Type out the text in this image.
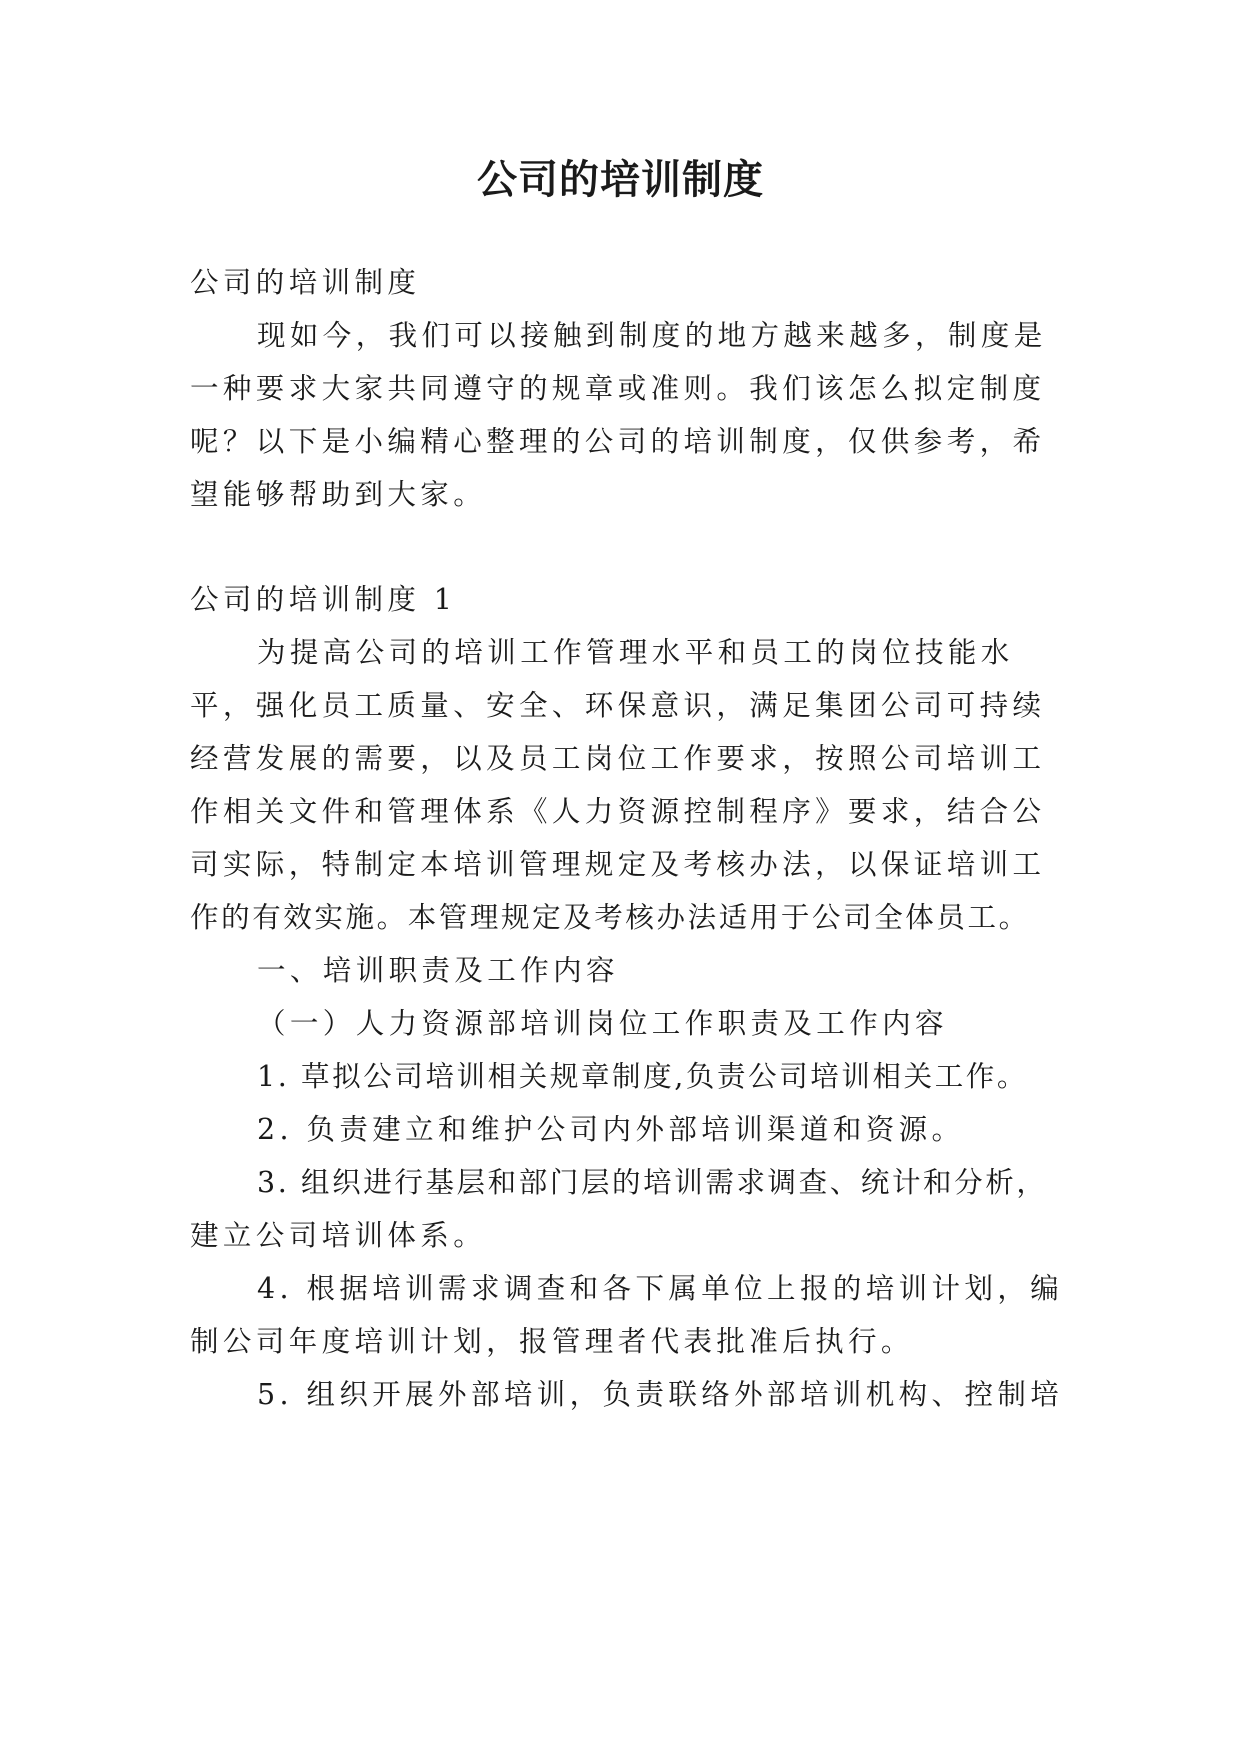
公司的培训制度
公司的培训制度
现如今，我们可以接触到制度的地方越来越多，制度是
一种要求大家共同遵守的规章或准则。我们该怎么拟定制度
呢？以下是小编精心整理的公司的培训制度，仅供参考，希
望能够帮助到大家。
公司的培训制度 1
为提高公司的培训工作管理水平和员工的岗位技能水
平，强化员工质量、安全、环保意识，满足集团公司可持续
经营发展的需要，以及员工岗位工作要求，按照公司培训工
作相关文件和管理体系《人力资源控制程序》要求，结合公
司实际，特制定本培训管理规定及考核办法，以保证培训工
作的有效实施。本管理规定及考核办法适用于公司全体员工。
一、培训职责及工作内容
（一）人力资源部培训岗位工作职责及工作内容
1. 草拟公司培训相关规章制度,负责公司培训相关工作。
2. 负责建立和维护公司内外部培训渠道和资源。
3. 组织进行基层和部门层的培训需求调查、统计和分析，
建立公司培训体系。
4. 根据培训需求调查和各下属单位上报的培训计划，编
制公司年度培训计划，报管理者代表批准后执行。
5. 组织开展外部培训，负责联络外部培训机构、控制培
